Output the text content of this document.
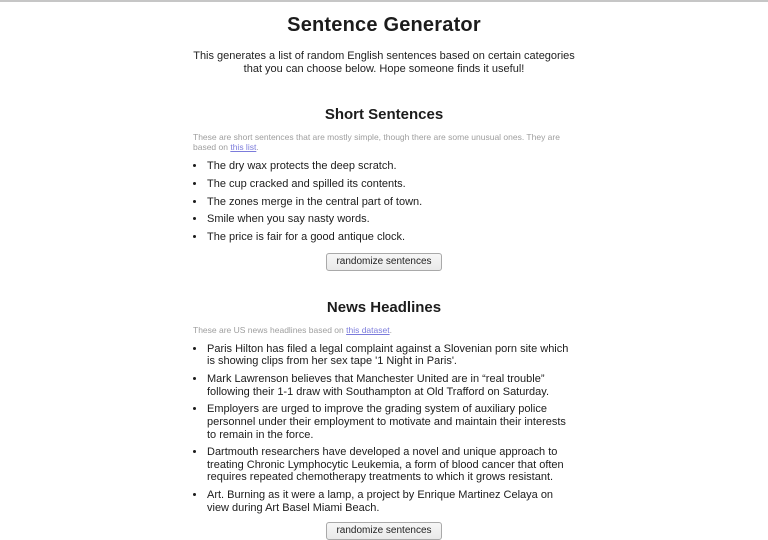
Sentence Generator

This generates a list of random English sentences based on certain categories that you can choose below. Hope someone finds it useful!

Short Sentences

These are short sentences that are mostly simple, though there are some unusual ones. They are based on this list.

• The dry wax protects the deep scratch.
• The cup cracked and spilled its contents.
• The zones merge in the central part of town.
• Smile when you say nasty words.
• The price is fair for a good antique clock.
randomize sentences
News Headlines

These are US news headlines based on this dataset.

• Paris Hilton has filed a legal complaint against a Slovenian porn site which is showing clips from her sex tape '1 Night in Paris'.
• Mark Lawrenson believes that Manchester United are in “real trouble” following their 1-1 draw with Southampton at Old Trafford on Saturday.
• Employers are urged to improve the grading system of auxiliary police personnel under their employment to motivate and maintain their interests to remain in the force.
• Dartmouth researchers have developed a novel and unique approach to treating Chronic Lymphocytic Leukemia, a form of blood cancer that often requires repeated chemotherapy treatments to which it grows resistant.
• Art. Burning as it were a lamp, a project by Enrique Martinez Celaya on view during Art Basel Miami Beach.
randomize sentences
